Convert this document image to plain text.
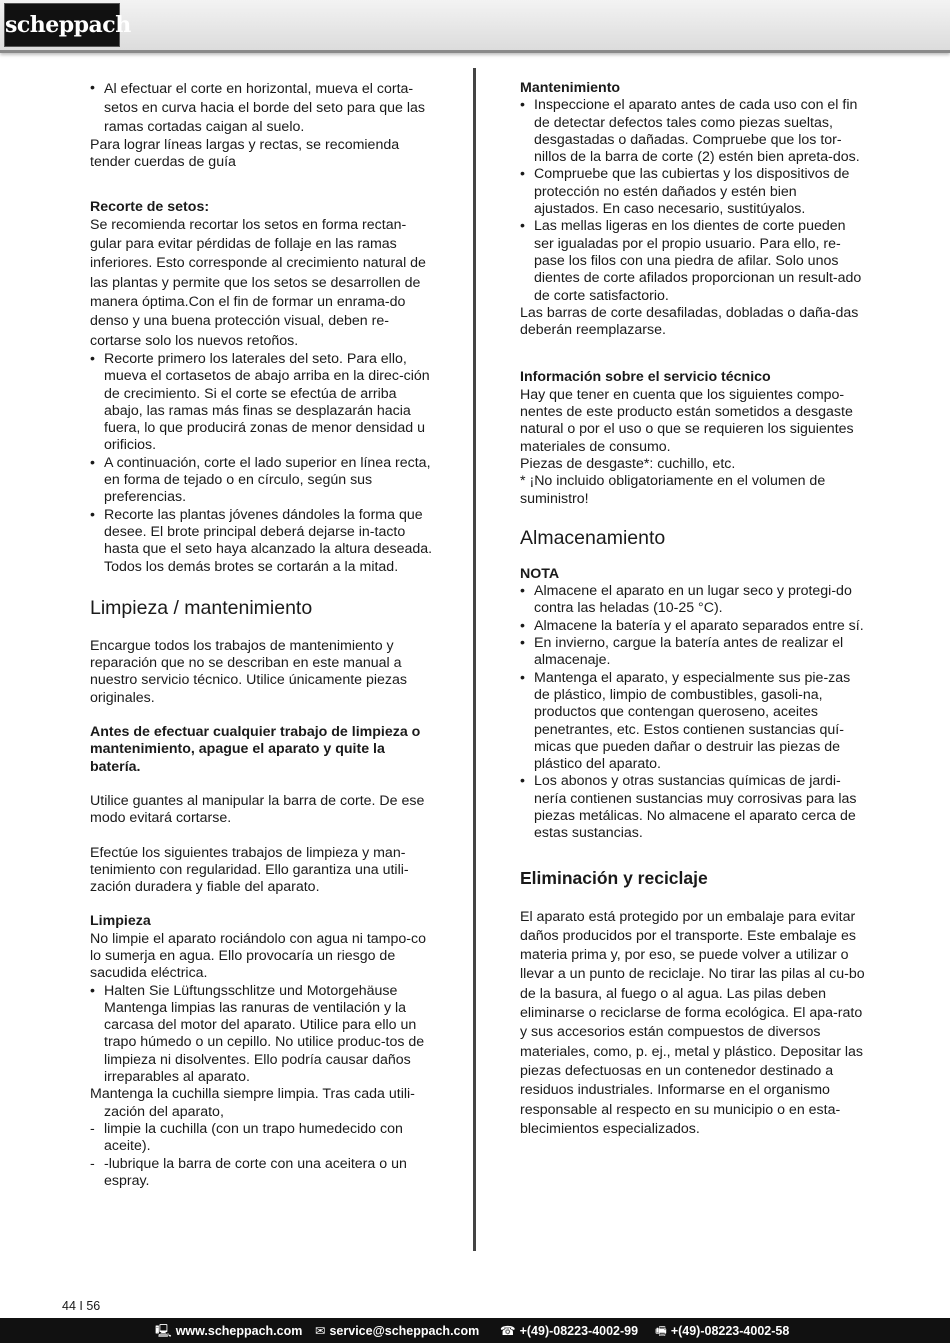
scheppach
• Al efectuar el corte en horizontal, mueva el corta-setos en curva hacia el borde del seto para que las ramas cortadas caigan al suelo.

Para lograr líneas largas y rectas, se recomienda tender cuerdas de guía

Recorte de setos:

Se recomienda recortar los setos en forma rectan-gular para evitar pérdidas de follaje en las ramas inferiores. Esto corresponde al crecimiento natural de las plantas y permite que los setos se desarrollen de manera óptima.Con el fin de formar un enrama-do denso y una buena protección visual, deben re-cortarse solo los nuevos retoños.

• Recorte primero los laterales del seto. Para ello, mueva el cortasetos de abajo arriba en la direc-ción de crecimiento. Si el corte se efectúa de arriba abajo, las ramas más finas se desplazarán hacia fuera, lo que producirá zonas de menor densidad u orificios.

• A continuación, corte el lado superior en línea recta, en forma de tejado o en círculo, según sus preferencias.

• Recorte las plantas jóvenes dándoles la forma que desee. El brote principal deberá dejarse in-tacto hasta que el seto haya alcanzado la altura deseada. Todos los demás brotes se cortarán a la mitad.

Limpieza / mantenimiento

Encargue todos los trabajos de mantenimiento y reparación que no se describan en este manual a nuestro servicio técnico. Utilice únicamente piezas originales.

Antes de efectuar cualquier trabajo de limpieza o mantenimiento, apague el aparato y quite la batería.

Utilice guantes al manipular la barra de corte. De ese modo evitará cortarse.

Efectúe los siguientes trabajos de limpieza y man-tenimiento con regularidad. Ello garantiza una utili-zación duradera y fiable del aparato.

Limpieza

No limpie el aparato rociándolo con agua ni tampo-co lo sumerja en agua. Ello provocaría un riesgo de sacudida eléctrica.

• Halten Sie Lüftungsschlitze und Motorgehäuse Mantenga limpias las ranuras de ventilación y la carcasa del motor del aparato. Utilice para ello un trapo húmedo o un cepillo. No utilice produc-tos de limpieza ni disolventes. Ello podría causar daños irreparables al aparato.

Mantenga la cuchilla siempre limpia. Tras cada utili-zación del aparato,

- limpie la cuchilla (con un trapo humedecido con aceite).

- -lubrique la barra de corte con una aceitera o un espray.

Mantenimiento

• Inspeccione el aparato antes de cada uso con el fin de detectar defectos tales como piezas sueltas, desgastadas o dañadas. Compruebe que los tor-nillos de la barra de corte (2) estén bien apreta-dos.

• Compruebe que las cubiertas y los dispositivos de protección no estén dañados y estén bien ajustados. En caso necesario, sustitúyalos.

• Las mellas ligeras en los dientes de corte pueden ser igualadas por el propio usuario. Para ello, re-pase los filos con una piedra de afilar. Solo unos dientes de corte afilados proporcionan un result-ado de corte satisfactorio.

Las barras de corte desafiladas, dobladas o daña-das deberán reemplazarse.

Información sobre el servicio técnico

Hay que tener en cuenta que los siguientes compo-nentes de este producto están sometidos a desgaste natural o por el uso o que se requieren los siguientes materiales de consumo.

Piezas de desgaste*: cuchillo, etc.

* ¡No incluido obligatoriamente en el volumen de suministro!

Almacenamiento

NOTA

• Almacene el aparato en un lugar seco y protegi-do contra las heladas (10-25 °C).

• Almacene la batería y el aparato separados entre sí.

• En invierno, cargue la batería antes de realizar el almacenaje.

• Mantenga el aparato, y especialmente sus pie-zas de plástico, limpio de combustibles, gasoli-na, productos que contengan queroseno, aceites penetrantes, etc. Estos contienen sustancias quí-micas que pueden dañar o destruir las piezas de plástico del aparato.

• Los abonos y otras sustancias químicas de jardi-nería contienen sustancias muy corrosivas para las piezas metálicas. No almacene el aparato cerca de estas sustancias.

Eliminación y reciclaje

El aparato está protegido por un embalaje para evitar daños producidos por el transporte. Este embalaje es materia prima y, por eso, se puede volver a utilizar o llevar a un punto de reciclaje. No tirar las pilas al cu-bo de la basura, al fuego o al agua. Las pilas deben eliminarse o reciclarse de forma ecológica. El apa-rato y sus accesorios están compuestos de diversos materiales, como, p. ej., metal y plástico. Depositar las piezas defectuosas en un contenedor destinado a residuos industriales. Informarse en el organismo responsable al respecto en su municipio o en esta-blecimientos especializados.

44 I 56
🖳 www.scheppach.com ✉ service@scheppach.com ☎ +(49)-08223-4002-99 🖷 +(49)-08223-4002-58
